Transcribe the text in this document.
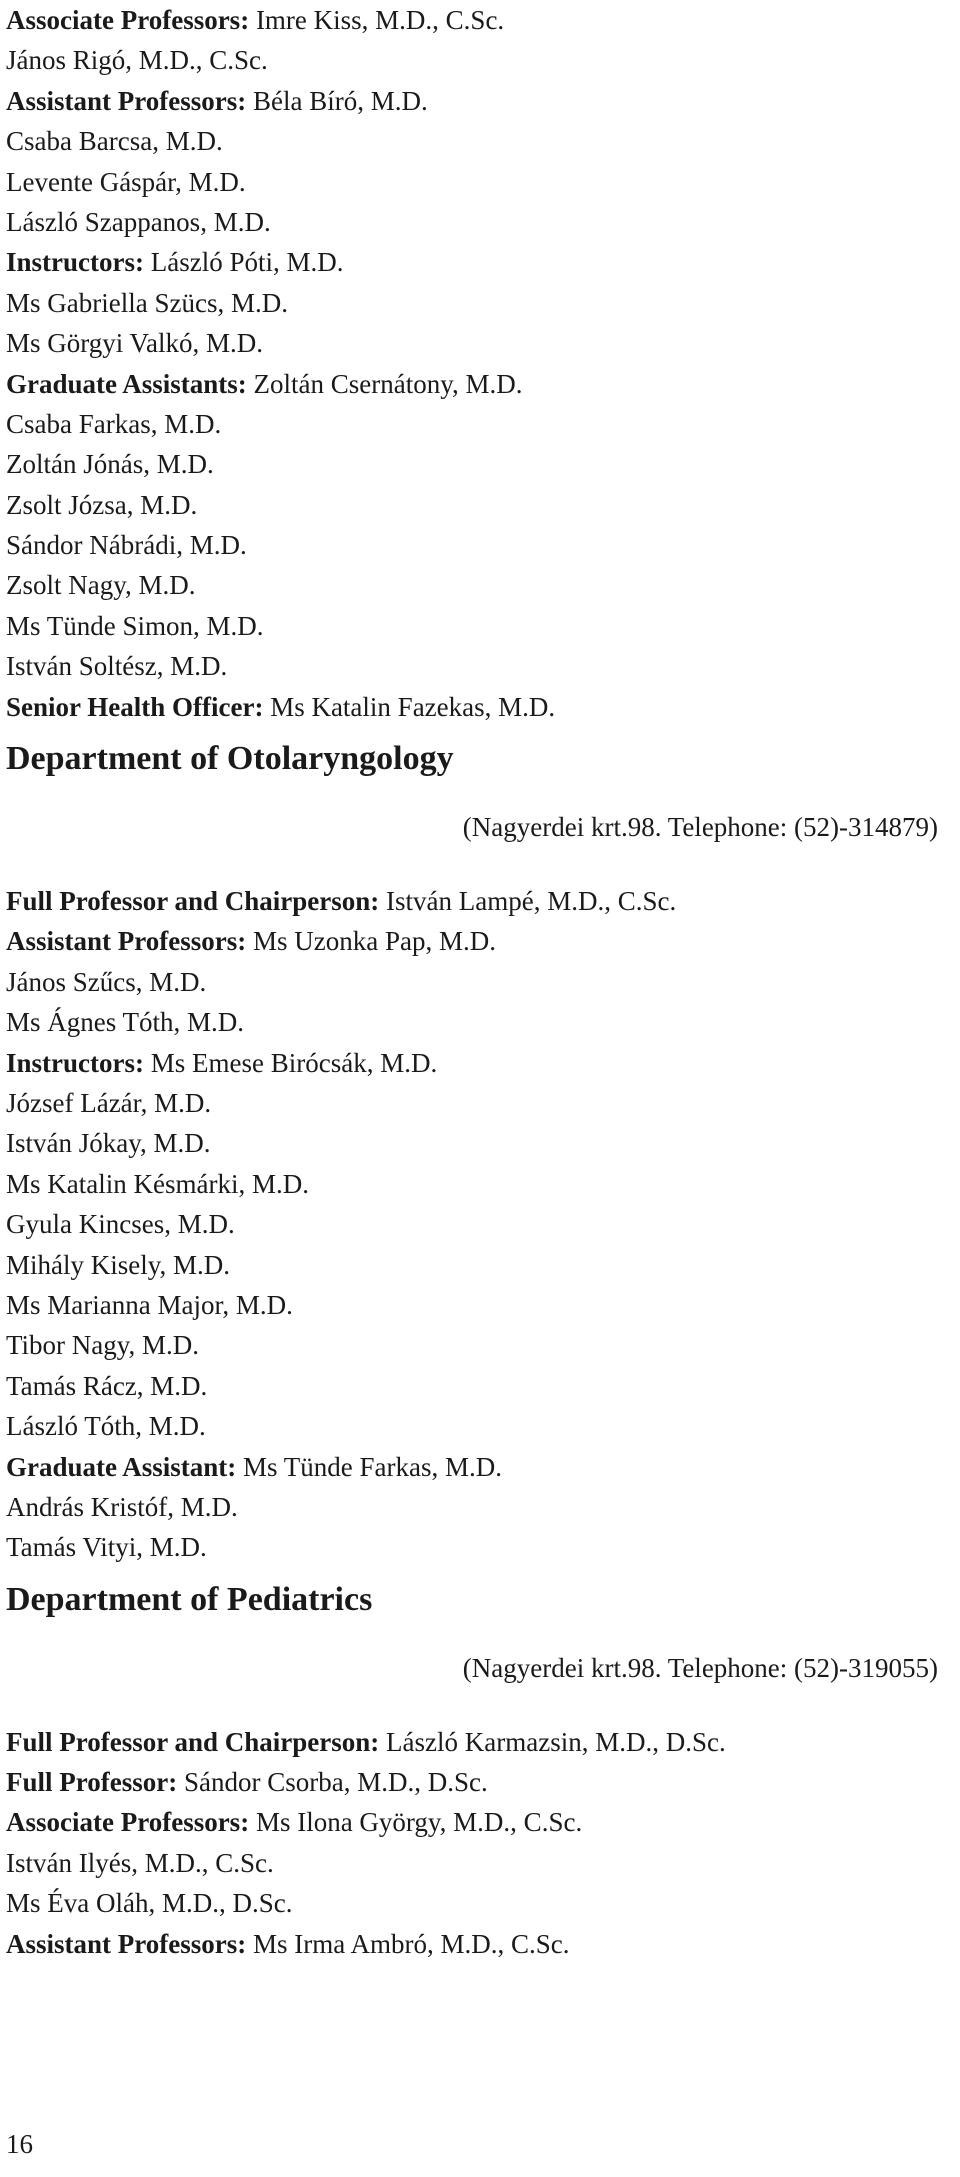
Associate Professors: Imre Kiss, M.D., C.Sc.
János Rigó, M.D., C.Sc.
Assistant Professors: Béla Bíró, M.D.
Csaba Barcsa, M.D.
Levente Gáspár, M.D.
László Szappanos, M.D.
Instructors: László Póti, M.D.
Ms Gabriella Szücs, M.D.
Ms Görgyi Valkó, M.D.
Graduate Assistants: Zoltán Csernátony, M.D.
Csaba Farkas, M.D.
Zoltán Jónás, M.D.
Zsolt Józsa, M.D.
Sándor Nábrádi, M.D.
Zsolt Nagy, M.D.
Ms Tünde Simon, M.D.
István Soltész, M.D.
Senior Health Officer: Ms Katalin Fazekas, M.D.
Department of Otolaryngology
(Nagyerdei krt.98. Telephone: (52)-314879)
Full Professor and Chairperson: István Lampé, M.D., C.Sc.
Assistant Professors: Ms Uzonka Pap, M.D.
János Szűcs, M.D.
Ms Ágnes Tóth, M.D.
Instructors: Ms Emese Birócsák, M.D.
József Lázár, M.D.
István Jókay, M.D.
Ms Katalin Késmárki, M.D.
Gyula Kincses, M.D.
Mihály Kisely, M.D.
Ms Marianna Major, M.D.
Tibor Nagy, M.D.
Tamás Rácz, M.D.
László Tóth, M.D.
Graduate Assistant: Ms Tünde Farkas, M.D.
András Kristóf, M.D.
Tamás Vityi, M.D.
Department of Pediatrics
(Nagyerdei krt.98. Telephone: (52)-319055)
Full Professor and Chairperson: László Karmazsin, M.D., D.Sc.
Full Professor: Sándor Csorba, M.D., D.Sc.
Associate Professors: Ms Ilona György, M.D., C.Sc.
István Ilyés, M.D., C.Sc.
Ms Éva Oláh, M.D., D.Sc.
Assistant Professors: Ms Irma Ambró, M.D., C.Sc.
16
